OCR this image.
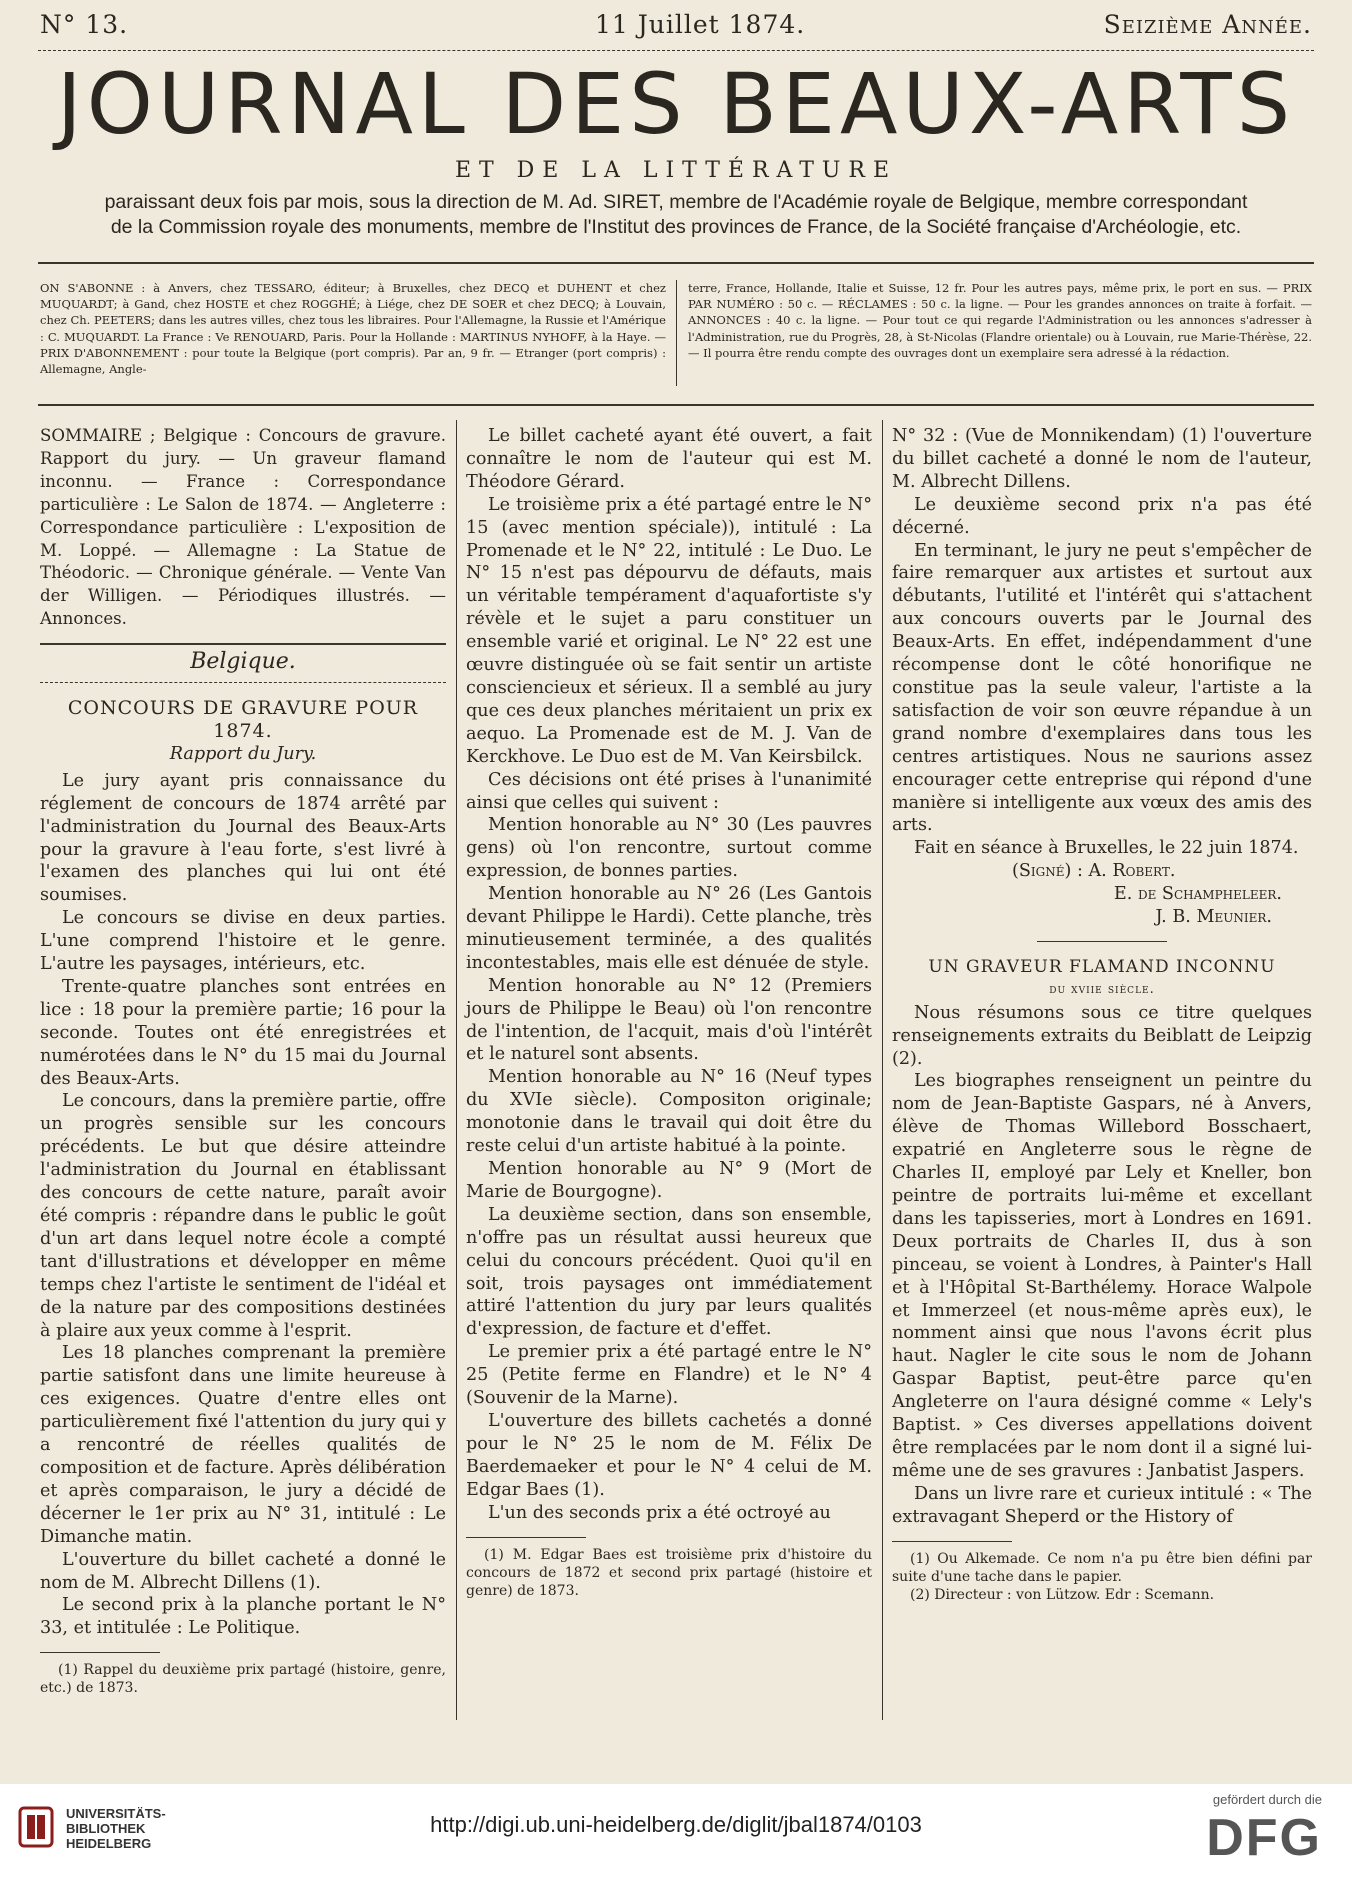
N° 13.	11 Juillet 1874.	Seizième Année.
JOURNAL DES BEAUX-ARTS
ET DE LA LITTÉRATURE
paraissant deux fois par mois, sous la direction de M. Ad. SIRET, membre de l'Académie royale de Belgique, membre correspondant
de la Commission royale des monuments, membre de l'Institut des provinces de France, de la Société française d'Archéologie, etc.
ON S'ABONNE : à Anvers, chez TESSARO, éditeur; à Bruxelles, chez DECQ et DUHENT et chez MUQUARDT; à Gand, chez HOSTE et chez ROGGHÉ; à Liége, chez DE SOER et chez DECQ; à Louvain, chez Ch. PEETERS; dans les autres villes, chez tous les libraires. Pour l'Allemagne, la Russie et l'Amérique : C. MUQUARDT. La France : Ve RENOUARD, Paris. Pour la Hollande : MARTINUS NYHOFF, à la Haye. — PRIX D'ABONNEMENT : pour toute la Belgique (port compris). Par an, 9 fr. — Etranger (port compris) : Allemagne, Angle-
terre, France, Hollande, Italie et Suisse, 12 fr. Pour les autres pays, même prix, le port en sus. — PRIX PAR NUMÉRO : 50 c. — RÉCLAMES : 50 c. la ligne. — Pour les grandes annonces on traite à forfait. — ANNONCES : 40 c. la ligne. — Pour tout ce qui regarde l'Administration ou les annonces s'adresser à l'Administration, rue du Progrès, 28, à St-Nicolas (Flandre orientale) ou à Louvain, rue Marie-Thérèse, 22. — Il pourra être rendu compte des ouvrages dont un exemplaire sera adressé à la rédaction.

SOMMAIRE ; Belgique : Concours de gravure. Rapport du jury. — Un graveur flamand inconnu. — France : Correspondance particulière : Le Salon de 1874. — Angleterre : Correspondance particulière : L'exposition de M. Loppé. — Allemagne : La Statue de Théodoric. — Chronique générale. — Vente Van der Willigen. — Périodiques illustrés. — Annonces.

Belgique.

CONCOURS DE GRAVURE POUR 1874.

Rapport du Jury.

Le jury ayant pris connaissance du réglement de concours de 1874 arrêté par l'administration du Journal des Beaux-Arts pour la gravure à l'eau forte, s'est livré à l'examen des planches qui lui ont été soumises.

Le concours se divise en deux parties. L'une comprend l'histoire et le genre. L'autre les paysages, intérieurs, etc.

Trente-quatre planches sont entrées en lice : 18 pour la première partie; 16 pour la seconde. Toutes ont été enregistrées et numérotées dans le N° du 15 mai du Journal des Beaux-Arts.

Le concours, dans la première partie, offre un progrès sensible sur les concours précédents. Le but que désire atteindre l'administration du Journal en établissant des concours de cette nature, paraît avoir été compris : répandre dans le public le goût d'un art dans lequel notre école a compté tant d'illustrations et développer en même temps chez l'artiste le sentiment de l'idéal et de la nature par des compositions destinées à plaire aux yeux comme à l'esprit.

Les 18 planches comprenant la première partie satisfont dans une limite heureuse à ces exigences. Quatre d'entre elles ont particulièrement fixé l'attention du jury qui y a rencontré de réelles qualités de composition et de facture. Après délibération et après comparaison, le jury a décidé de décerner le 1er prix au N° 31, intitulé : Le Dimanche matin.

L'ouverture du billet cacheté a donné le nom de M. Albrecht Dillens (1).

Le second prix à la planche portant le N° 33, et intitulée : Le Politique.

(1) Rappel du deuxième prix partagé (histoire, genre, etc.) de 1873.

Le billet cacheté ayant été ouvert, a fait connaître le nom de l'auteur qui est M. Théodore Gérard.

Le troisième prix a été partagé entre le N° 15 (avec mention spéciale)), intitulé : La Promenade et le N° 22, intitulé : Le Duo. Le N° 15 n'est pas dépourvu de défauts, mais un véritable tempérament d'aquafortiste s'y révèle et le sujet a paru constituer un ensemble varié et original. Le N° 22 est une œuvre distinguée où se fait sentir un artiste consciencieux et sérieux. Il a semblé au jury que ces deux planches méritaient un prix ex aequo. La Promenade est de M. J. Van de Kerckhove. Le Duo est de M. Van Keirsbilck.

Ces décisions ont été prises à l'unanimité ainsi que celles qui suivent :

Mention honorable au N° 30 (Les pauvres gens) où l'on rencontre, surtout comme expression, de bonnes parties.

Mention honorable au N° 26 (Les Gantois devant Philippe le Hardi). Cette planche, très minutieusement terminée, a des qualités incontestables, mais elle est dénuée de style.

Mention honorable au N° 12 (Premiers jours de Philippe le Beau) où l'on rencontre de l'intention, de l'acquit, mais d'où l'intérêt et le naturel sont absents.

Mention honorable au N° 16 (Neuf types du XVIe siècle). Compositon originale; monotonie dans le travail qui doit être du reste celui d'un artiste habitué à la pointe.

Mention honorable au N° 9 (Mort de Marie de Bourgogne).

La deuxième section, dans son ensemble, n'offre pas un résultat aussi heureux que celui du concours précédent. Quoi qu'il en soit, trois paysages ont immédiatement attiré l'attention du jury par leurs qualités d'expression, de facture et d'effet.

Le premier prix a été partagé entre le N° 25 (Petite ferme en Flandre) et le N° 4 (Souvenir de la Marne).

L'ouverture des billets cachetés a donné pour le N° 25 le nom de M. Félix De Baerdemaeker et pour le N° 4 celui de M. Edgar Baes (1).

L'un des seconds prix a été octroyé au

(1) M. Edgar Baes est troisième prix d'histoire du concours de 1872 et second prix partagé (histoire et genre) de 1873.

N° 32 : (Vue de Monnikendam) (1) l'ouverture du billet cacheté a donné le nom de l'auteur, M. Albrecht Dillens.

Le deuxième second prix n'a pas été décerné.

En terminant, le jury ne peut s'empêcher de faire remarquer aux artistes et surtout aux débutants, l'utilité et l'intérêt qui s'attachent aux concours ouverts par le Journal des Beaux-Arts. En effet, indépendamment d'une récompense dont le côté honorifique ne constitue pas la seule valeur, l'artiste a la satisfaction de voir son œuvre répandue à un grand nombre d'exemplaires dans tous les centres artistiques. Nous ne saurions assez encourager cette entreprise qui répond d'une manière si intelligente aux vœux des amis des arts.

Fait en séance à Bruxelles, le 22 juin 1874.

(Signé) : A. Robert.

E. de Schampheleer.

J. B. Meunier.

UN GRAVEUR FLAMAND INCONNU

du xviie siècle.

Nous résumons sous ce titre quelques renseignements extraits du Beiblatt de Leipzig (2).

Les biographes renseignent un peintre du nom de Jean-Baptiste Gaspars, né à Anvers, élève de Thomas Willebord Bosschaert, expatrié en Angleterre sous le règne de Charles II, employé par Lely et Kneller, bon peintre de portraits lui-même et excellant dans les tapisseries, mort à Londres en 1691. Deux portraits de Charles II, dus à son pinceau, se voient à Londres, à Painter's Hall et à l'Hôpital St-Barthélemy. Horace Walpole et Immerzeel (et nous-même après eux), le nomment ainsi que nous l'avons écrit plus haut. Nagler le cite sous le nom de Johann Gaspar Baptist, peut-être parce qu'en Angleterre on l'aura désigné comme « Lely's Baptist. » Ces diverses appellations doivent être remplacées par le nom dont il a signé lui-même une de ses gravures : Janbatist Jaspers.

Dans un livre rare et curieux intitulé : « The extravagant Sheperd or the History of

(1) Ou Alkemade. Ce nom n'a pu être bien défini par suite d'une tache dans le papier.

(2) Directeur : von Lützow. Edr : Scemann.

UNIVERSITÄTS-
BIBLIOTHEK
HEIDELBERG
http://digi.ub.uni-heidelberg.de/diglit/jbal1874/0103
gefördert durch die
DFG
